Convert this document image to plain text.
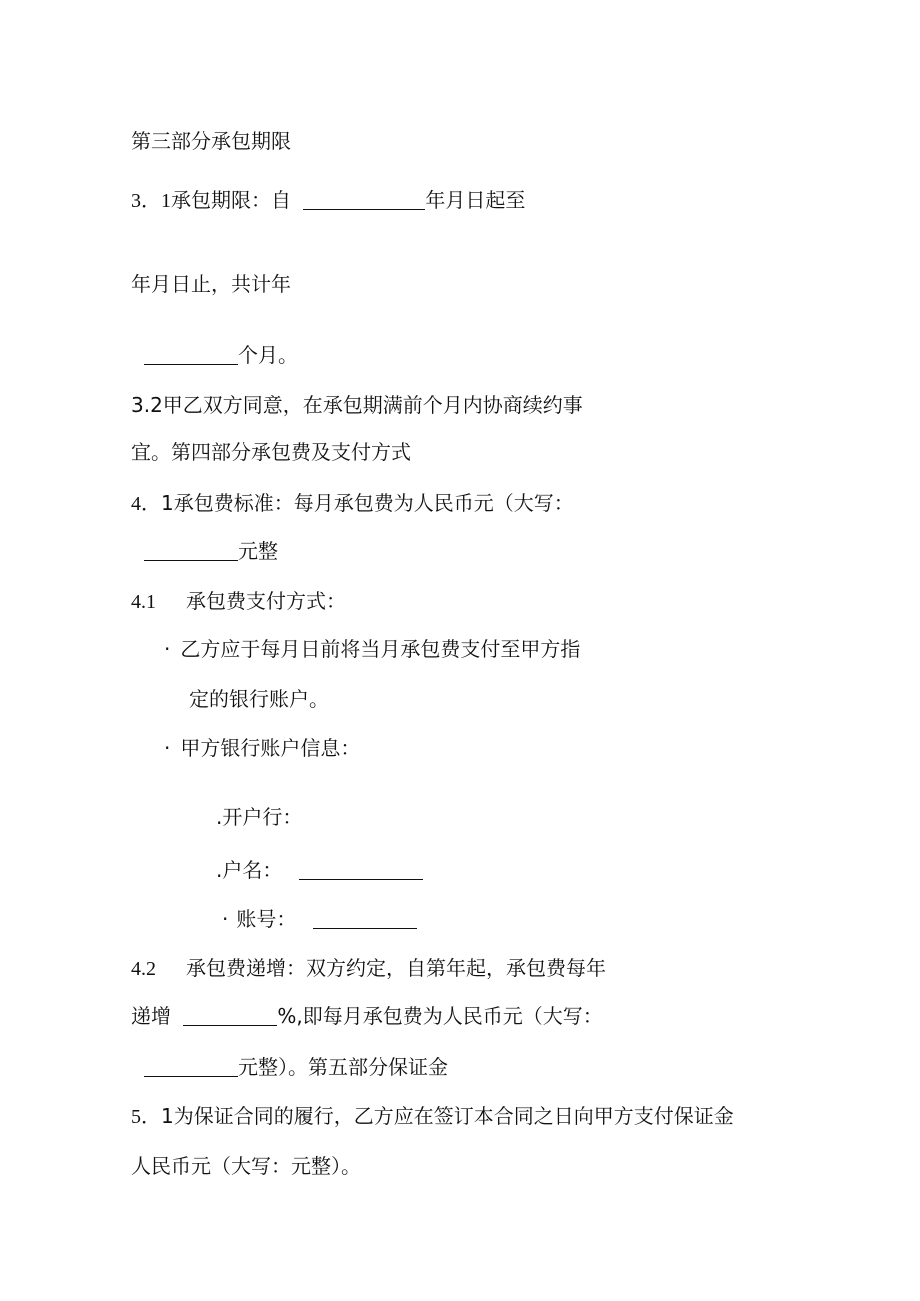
第三部分承包期限
3．1承包期限：自	年月日起至
年月日止，共计年
个月。
3.2甲乙双方同意，在承包期满前个月内协商续约事
宜。第四部分承包费及支付方式
4．1承包费标准：每月承包费为人民币元（大写：
元整
4.1 承包费支付方式：
· 乙方应于每月日前将当月承包费支付至甲方指
定的银行账户。
· 甲方银行账户信息：
.开户行：
.户名：
· 账号：
4.2 承包费递增：双方约定，自第年起，承包费每年
递增	%,即每月承包费为人民币元（大写：
元整）。第五部分保证金
5．1为保证合同的履行，乙方应在签订本合同之日向甲方支付保证金
人民币元（大写：元整）。
